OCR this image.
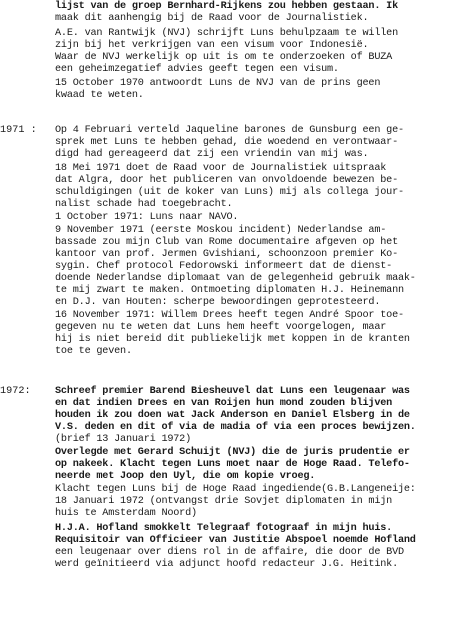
1971 :
1972:
lijst van de groep Bernhard-Rijkens zou hebben gestaan. Ik
maak dit aanhengig bij de Raad voor de Journalistiek.
A.E. van Rantwijk (NVJ) schrijft Luns behulpzaam te willen
zijn bij het verkrijgen van een visum voor Indonesië.
Waar de NVJ werkelijk op uit is om te onderzoeken of BUZA
een geheimzegatief advies geeft tegen een visum.
15 October 1970 antwoordt Luns de NVJ van de prins geen
kwaad te weten.
Op 4 Februari verteld Jaqueline barones de Gunsburg een ge-
sprek met Luns te hebben gehad, die woedend en verontwaar-
digd had gereageerd dat zij een vriendin van mij was.
18 Mei 1971 doet de Raad voor de Journalistiek uitspraak
dat Algra, door het publiceren van onvoldoende bewezen be-
schuldigingen (uit de koker van Luns) mij als collega jour-
nalist schade had toegebracht.
1 October 1971: Luns naar NAVO.
9 November 1971 (eerste Moskou incident) Nederlandse am-
bassade zou mijn Club van Rome documentaire afgeven op het
kantoor van prof. Jermen Gvishiani, schoonzoon premier Ko-
sygin. Chef protocol Fedorowski informeert dat de dienst-
doende Nederlandse diplomaat van de gelegenheid gebruik maak-
te mij zwart te maken. Ontmoeting diplomaten H.J. Heinemann
en D.J. van Houten: scherpe bewoordingen geprotesteerd.
16 November 1971: Willem Drees heeft tegen André Spoor toe-
gegeven nu te weten dat Luns hem heeft voorgelogen, maar
hij is niet bereid dit publiekelijk met koppen in de kranten
toe te geven.
Schreef premier Barend Biesheuvel dat Luns een leugenaar was
en dat indien Drees en van Roijen hun mond zouden blijven
houden ik zou doen wat Jack Anderson en Daniel Elsberg in de
V.S. deden en dit of via de madia of via een proces bewijzen.
(brief 13 Januari 1972)
Overlegde met Gerard Schuijt (NVJ) die de juris prudentie er
op nakeek. Klacht tegen Luns moet naar de Hoge Raad. Telefo-
neerde met Joop den Uyl, die om kopie vroeg.
Klacht tegen Luns bij de Hoge Raad ingediende(G.B.Langeneije:
18 Januari 1972 (ontvangst drie Sovjet diplomaten in mijn
huis te Amsterdam Noord)
H.J.A. Hofland smokkelt Telegraaf fotograaf in mijn huis.
Requisitoir van Officieer van Justitie Abspoel noemde Hofland
een leugenaar over diens rol in de affaire, die door de BVD
werd geïnitieerd via adjunct hoofd redacteur J.G. Heitink.
